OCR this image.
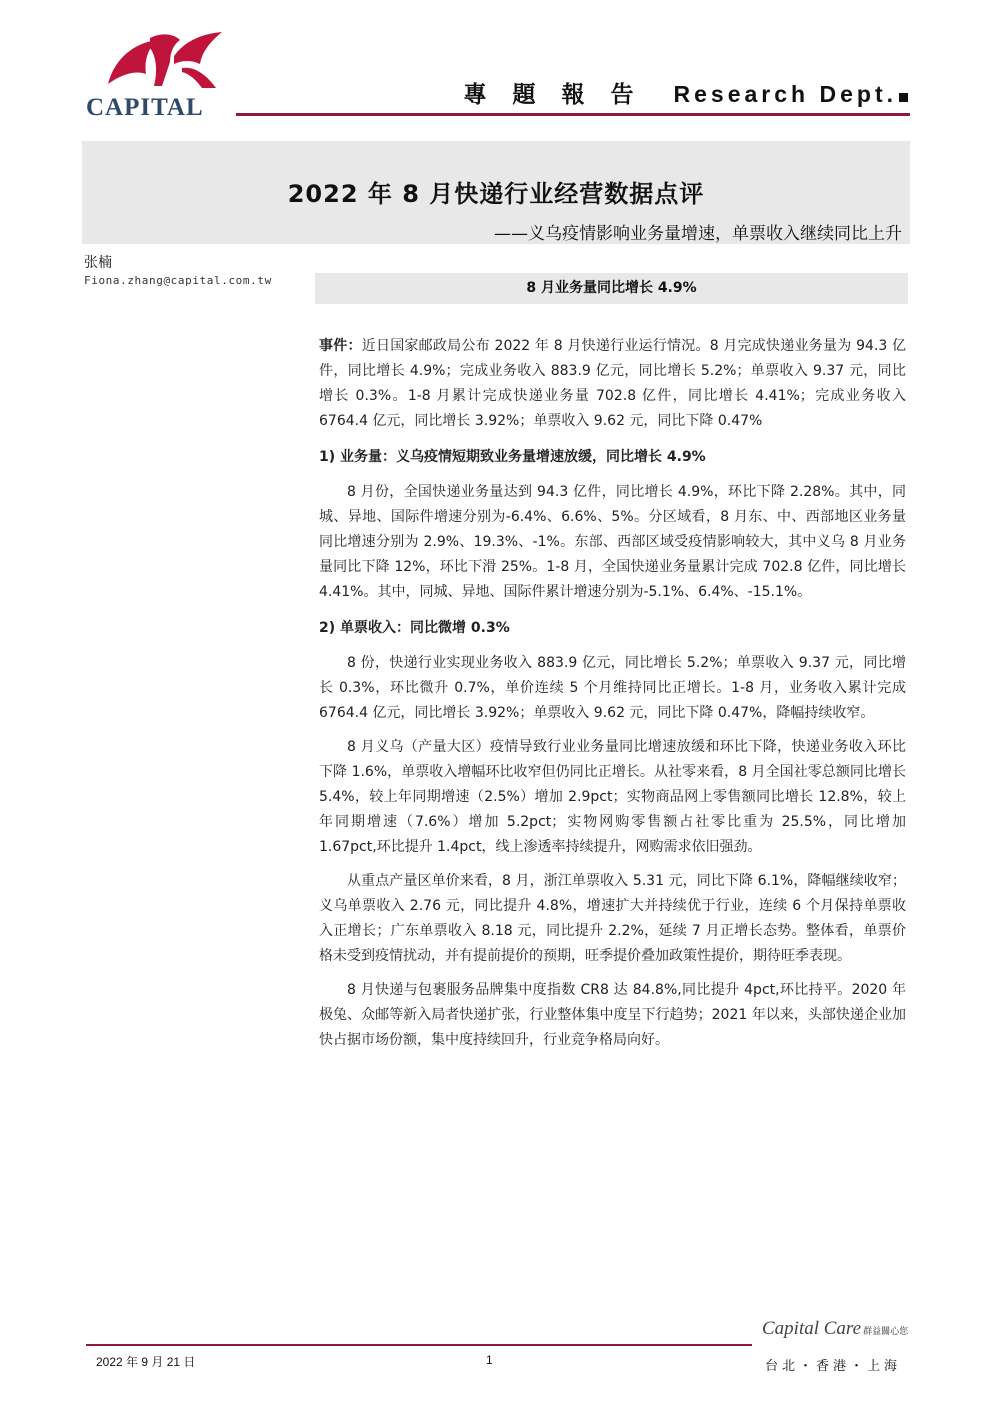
CAPITAL	專題報告 Research Dept.
2022 年 8 月快递行业经营数据点评
——义乌疫情影响业务量增速，单票收入继续同比上升
张楠
Fiona.zhang@capital.com.tw	8 月业务量同比增长 4.9%

事件：近日国家邮政局公布 2022 年 8 月快递行业运行情况。8 月完成快递业务量为 94.3 亿件，同比增长 4.9%；完成业务收入 883.9 亿元，同比增长 5.2%；单票收入 9.37 元，同比增长 0.3%。1-8 月累计完成快递业务量 702.8 亿件，同比增长 4.41%；完成业务收入 6764.4 亿元，同比增长 3.92%；单票收入 9.62 元，同比下降 0.47%

1) 业务量：义乌疫情短期致业务量增速放缓，同比增长 4.9%

8 月份，全国快递业务量达到 94.3 亿件，同比增长 4.9%，环比下降 2.28%。其中，同城、异地、国际件增速分别为-6.4%、6.6%、5%。分区域看，8 月东、中、西部地区业务量同比增速分别为 2.9%、19.3%、-1%。东部、西部区域受疫情影响较大，其中义乌 8 月业务量同比下降 12%，环比下滑 25%。1-8 月，全国快递业务量累计完成 702.8 亿件，同比增长 4.41%。其中，同城、异地、国际件累计增速分别为-5.1%、6.4%、-15.1%。

2) 单票收入：同比微增 0.3%

8 份，快递行业实现业务收入 883.9 亿元，同比增长 5.2%；单票收入 9.37 元，同比增长 0.3%，环比微升 0.7%，单价连续 5 个月维持同比正增长。1-8 月，业务收入累计完成 6764.4 亿元，同比增长 3.92%；单票收入 9.62 元，同比下降 0.47%，降幅持续收窄。

8 月义乌（产量大区）疫情导致行业业务量同比增速放缓和环比下降，快递业务收入环比下降 1.6%，单票收入增幅环比收窄但仍同比正增长。从社零来看，8 月全国社零总额同比增长 5.4%，较上年同期增速（2.5%）增加 2.9pct；实物商品网上零售额同比增长 12.8%，较上年同期增速（7.6%）增加 5.2pct；实物网购零售额占社零比重为 25.5%，同比增加 1.67pct,环比提升 1.4pct，线上渗透率持续提升，网购需求依旧强劲。

从重点产量区单价来看，8 月，浙江单票收入 5.31 元，同比下降 6.1%，降幅继续收窄；义乌单票收入 2.76 元，同比提升 4.8%，增速扩大并持续优于行业，连续 6 个月保持单票收入正增长；广东单票收入 8.18 元，同比提升 2.2%，延续 7 月正增长态势。整体看，单票价格未受到疫情扰动，并有提前提价的预期，旺季提价叠加政策性提价，期待旺季表现。

8 月快递与包裹服务品牌集中度指数 CR8 达 84.8%,同比提升 4pct,环比持平。2020 年极兔、众邮等新入局者快递扩张，行业整体集中度呈下行趋势；2021 年以来，头部快递企业加快占据市场份额，集中度持续回升，行业竞争格局向好。

2022 年 9 月 21 日	1
Capital Care 群益關心您
台北・香港・上海
